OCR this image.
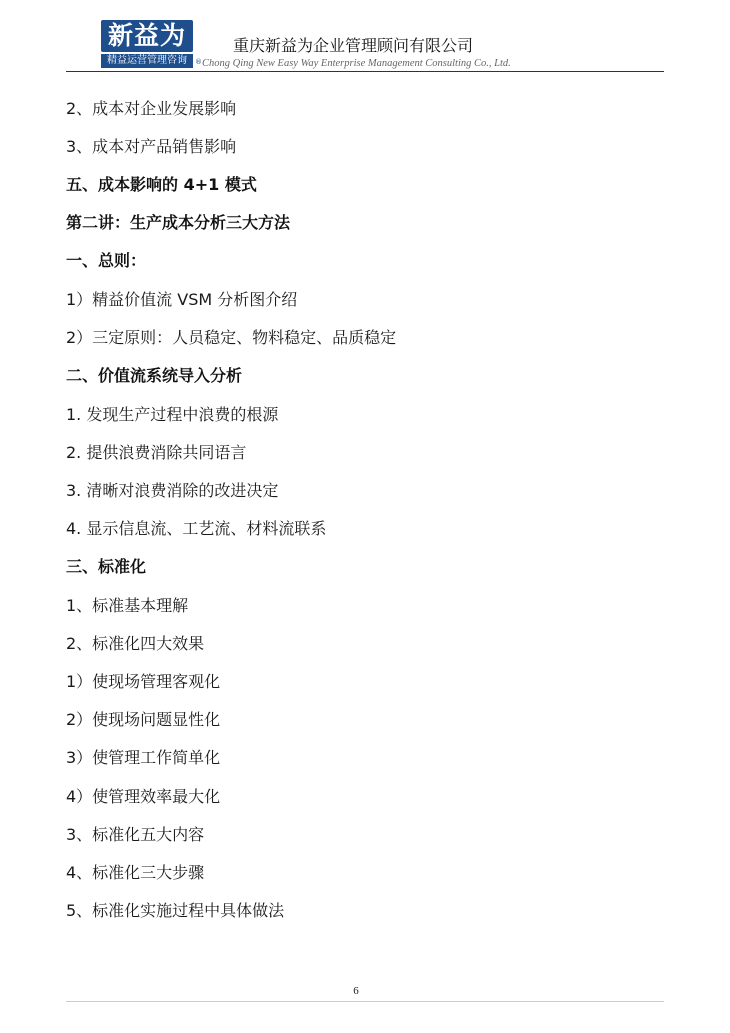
新益为
精益运营管理咨询	®
重庆新益为企业管理顾问有限公司
Chong Qing New Easy Way Enterprise Management Consulting Co., Ltd.
2、成本对企业发展影响
3、成本对产品销售影响
五、成本影响的 4+1 模式
第二讲：生产成本分析三大方法
一、总则：
1）精益价值流 VSM 分析图介绍
2）三定原则：人员稳定、物料稳定、品质稳定
二、价值流系统导入分析
1. 发现生产过程中浪费的根源
2. 提供浪费消除共同语言
3. 清晰对浪费消除的改进决定
4. 显示信息流、工艺流、材料流联系
三、标准化
1、标准基本理解
2、标准化四大效果
1）使现场管理客观化
2）使现场问题显性化
3）使管理工作简单化
4）使管理效率最大化
3、标准化五大内容
4、标准化三大步骤
5、标准化实施过程中具体做法
6
